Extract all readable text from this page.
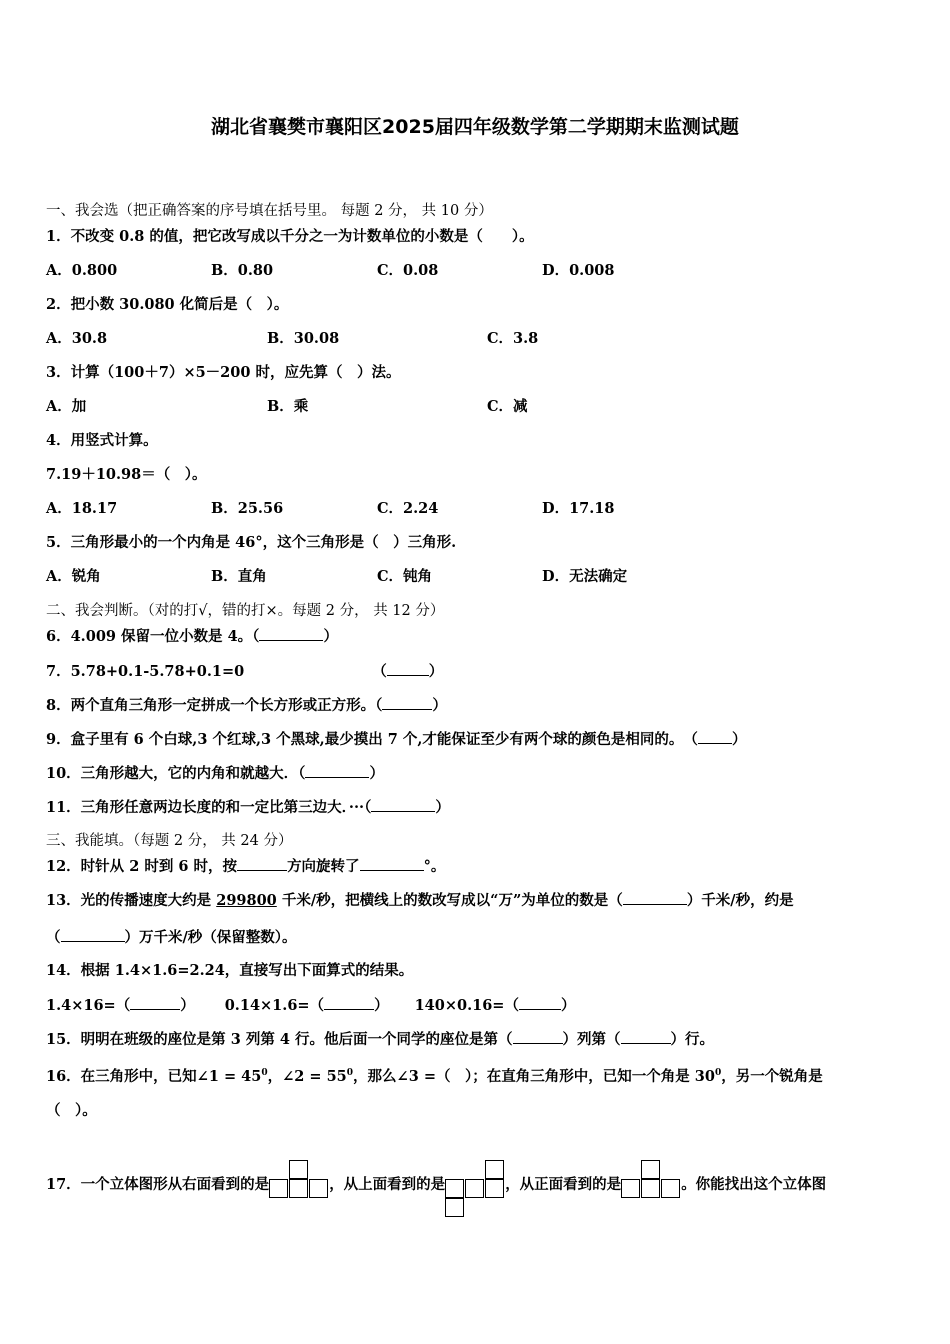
湖北省襄樊市襄阳区2025届四年级数学第二学期期末监测试题
一、我会选（把正确答案的序号填在括号里。 每题 2 分， 共 10 分）
1．不改变 0.8 的值，把它改写成以千分之一为计数单位的小数是（　　）。
A．0.800	B．0.80	C．0.08	D．0.008
2．把小数 30.080 化简后是（　）。
A．30.8	B．30.08	C．3.8
3．计算（100＋7）×5－200 时，应先算（　）法。
A．加	B．乘	C．减
4．用竖式计算。
7.19＋10.98＝（　）。
A．18.17	B．25.56	C．2.24	D．17.18
5．三角形最小的一个内角是 46°，这个三角形是（　）三角形.
A．锐角	B．直角	C．钝角	D．无法确定
二、我会判断。（对的打√，错的打×。每题 2 分， 共 12 分）
6．4.009 保留一位小数是 4。（	）
7．5.78+0.1-5.78+0.1=0	（	）
8．两个直角三角形一定拼成一个长方形或正方形。（	）
9．盒子里有 6 个白球,3 个红球,3 个黑球,最少摸出 7 个,才能保证至少有两个球的颜色是相同的。　（ ）
10．三角形越大，它的内角和就越大．（	）
11．三角形任意两边长度的和一定比第三边大．···（	）
三、我能填。（每题 2 分， 共 24 分）
12．时针从 2 时到 6 时，按	方向旋转了	°。
13．光的传播速度大约是 299800 千米/秒，把横线上的数改写成以“万”为单位的数是（	）千米/秒，约是
（	）万千米/秒（保留整数）。
14．根据 1.4×1.6=2.24，直接写出下面算式的结果。
1.4×16=（	） 0.14×1.6=（	） 140×0.16=（	）
15．明明在班级的座位是第 3 列第 4 行。他后面一个同学的座位是第（	）列第（	）行。
16．在三角形中，已知∠1 = $45^0$，∠2 = $55^0$，那么∠3 =（　）；在直角三角形中，已知一个角是 $30^0$，另一个锐角是
（　）。
17．一个立体图形从右面看到的是	，从上面看到的是	，从正面看到的是	。你能找出这个立体图
